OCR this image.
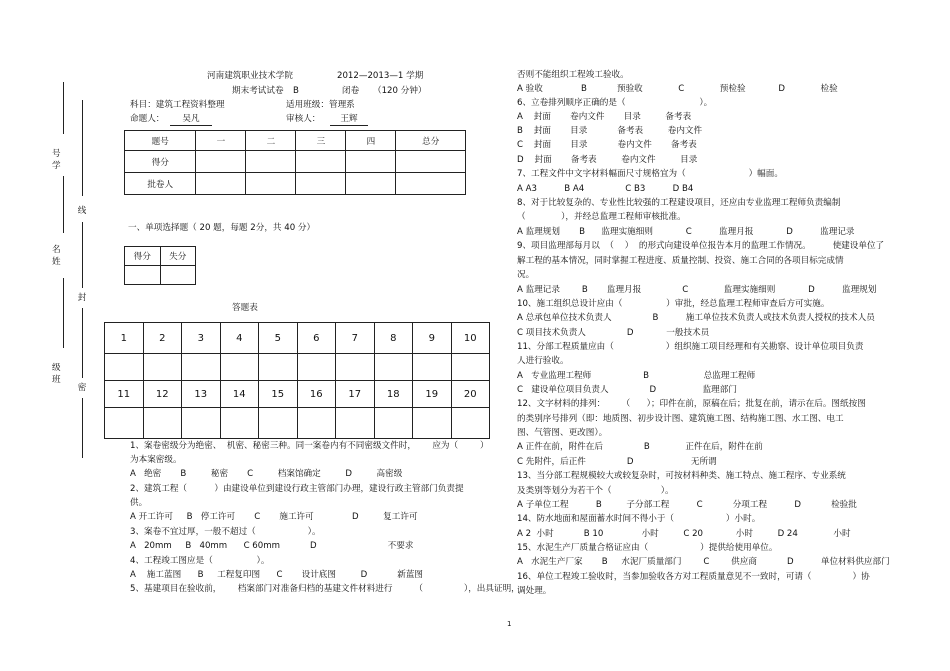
号
学
名
姓
级
班
线
封
密
河南建筑职业技术学院	2012—2013—1 学期
期末考试试卷 B	闭卷 （120 分钟）
科目：建筑工程资料整理	适用班级：管理系
命题人：	吴凡	审核人：	王辉
题号	一	二	三	四	总分
得分					
批卷人					
一、单项选择题（ 20 题，每题 2分，共 40 分）
得分	失分

答题表
1	2	3	4	5	6	7	8	9	10

11	12	13	14	15	16	17	18	19	20

1、案卷密级分为绝密、  机密、秘密三种。同一案卷内有不同密级文件时，      应为（        ）
为本案密级。
A   绝密       B         秘密       C         档案馆确定         D         高密级
2、建筑工程（          ）由建设单位到建设行政主管部门办理，建设行政主管部门负责提
供。
A 开工许可     B   停工许可       C       施工许可              D         复工许可
3、案卷不宜过厚，一般不超过（                   ）。
A   20mm     B   40mm      C 60mm           D                          不要求
4、工程竣工图应是（                ）。
A    施工蓝图      B     工程复印图      C       设计底图         D           新蓝图
5、基建项目在验收前，      档案部门对准备归档的基建文件材料进行        （               ），出具证明，
否则不能组织工程竣工验收。
A 验收              B           预验收             C             预检验            D             检验
6、立卷排列顺序正确的是（                           ）。
A    封面       卷内文件       目录         备考表
B    封面       目录           备考表         卷内文件
C    封面       目录           卷内文件       备考表
D    封面       备考表         卷内文件         目录
7、工程文件中文字材料幅面尺寸规格宜为（                       ）幅面。
A A3          B A4               C B3          D B4
8、对于比较复杂的、专业性比较强的工程建设项目，还应由专业监理工程师负责编制
（             ），并经总监理工程师审核批准。
A 监理规划       B      监理实施细则            C          监理月报            D          监理记录
9、项目监理部每月以  （    ）  的形式向建设单位报告本月的监理工作情况。        使建设单位了
解工程的基本情况，同时掌握工程进度、质量控制、投资、施工合同的各项目标完成情
况。
A 监理记录        B       监理月报               C             监理实施细则            D          监理规划
10、施工组织总设计应由（                ）审批，经总监理工程师审查后方可实施。
A 总承包单位技术负责人               B          施工单位技术负责人或技术负责人授权的技术人员
C 项目技术负责人               D            一般技术员
11、分部工程质量应由（                   ）组织施工项目经理和有关勘察、设计单位项目负责
人进行验收。
A   专业监理工程师                   B                    总监理工程师
C   建设单位项目负责人               D                 监理部门
12、文字材料的排列：      （      ）；印件在前，原稿在后；批复在前，请示在后。图纸按图
的类别序号排列（即：地质图、初步设计图、建筑施工图、结构施工图、水工图、电工
图、气管图、更改图）。
A 正件在前，附件在后               B             正件在后，附件在前
C 先附件，后正件               D                     无所谓
13、当分部工程规模较大或较复杂时，可按材料种类、施工特点、施工程序、专业系统
及类别等划分为若干个（                  ）。
A 子单位工程          B         子分部工程          C           分项工程          D           检验批
14、防水地面和屋面蓄水时间不得小于（                   ）小时。
A 2  小时           B 10              小时         C 20            小时         D 24             小时
15、水泥生产厂质量合格证应由（                   ）提供给使用单位。
A   水泥生产厂家       B     水泥厂质量部门        C        供应商           D          单位材料供应部门
16、单位工程竣工验收时，当参加验收各方对工程质量意见不一致时，可请（               ）协
调处理。
1
